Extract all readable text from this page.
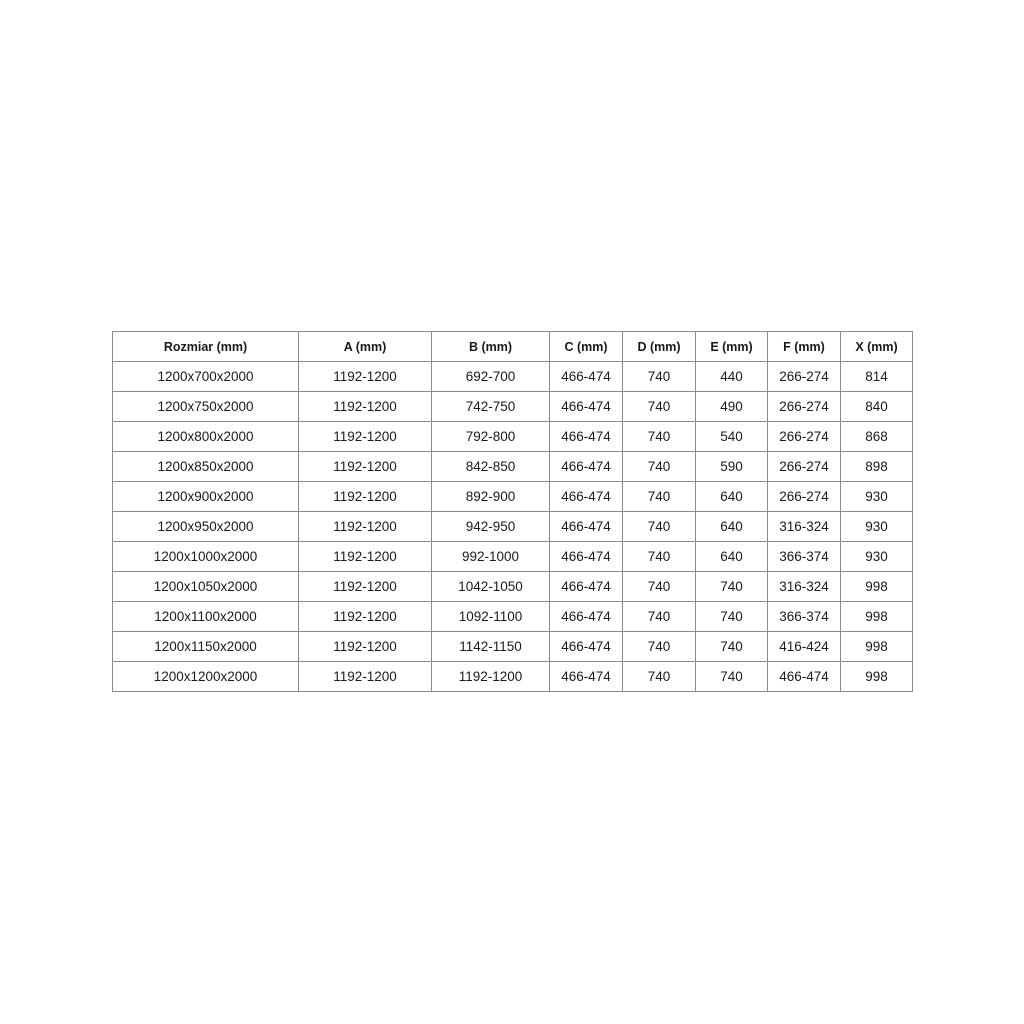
Rozmiar (mm)	A (mm)	B (mm)	C (mm)	D (mm)	E (mm)	F (mm)	X (mm)
1200x700x2000	1192-1200	692-700	466-474	740	440	266-274	814
1200x750x2000	1192-1200	742-750	466-474	740	490	266-274	840
1200x800x2000	1192-1200	792-800	466-474	740	540	266-274	868
1200x850x2000	1192-1200	842-850	466-474	740	590	266-274	898
1200x900x2000	1192-1200	892-900	466-474	740	640	266-274	930
1200x950x2000	1192-1200	942-950	466-474	740	640	316-324	930
1200x1000x2000	1192-1200	992-1000	466-474	740	640	366-374	930
1200x1050x2000	1192-1200	1042-1050	466-474	740	740	316-324	998
1200x1100x2000	1192-1200	1092-1100	466-474	740	740	366-374	998
1200x1150x2000	1192-1200	1142-1150	466-474	740	740	416-424	998
1200x1200x2000	1192-1200	1192-1200	466-474	740	740	466-474	998
